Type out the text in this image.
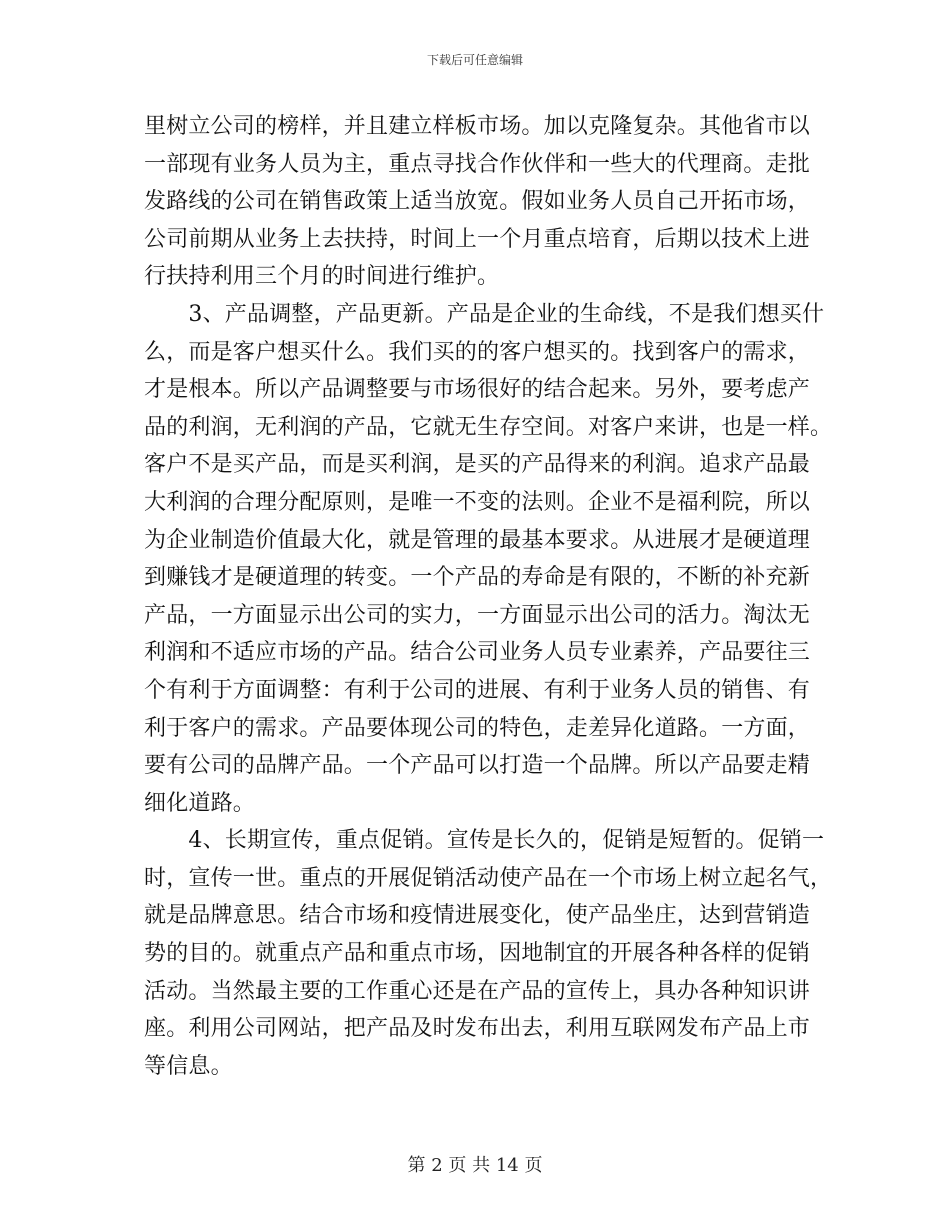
下载后可任意编辑
里树立公司的榜样，并且建立样板市场。加以克隆复杂。其他省市以
一部现有业务人员为主，重点寻找合作伙伴和一些大的代理商。走批
发路线的公司在销售政策上适当放宽。假如业务人员自己开拓市场，
公司前期从业务上去扶持，时间上一个月重点培育，后期以技术上进
行扶持利用三个月的时间进行维护。
　　3、产品调整，产品更新。产品是企业的生命线，不是我们想买什
么，而是客户想买什么。我们买的的客户想买的。找到客户的需求，
才是根本。所以产品调整要与市场很好的结合起来。另外，要考虑产
品的利润，无利润的产品，它就无生存空间。对客户来讲，也是一样。
客户不是买产品，而是买利润，是买的产品得来的利润。追求产品最
大利润的合理分配原则，是唯一不变的法则。企业不是福利院，所以
为企业制造价值最大化，就是管理的最基本要求。从进展才是硬道理
到赚钱才是硬道理的转变。一个产品的寿命是有限的，不断的补充新
产品，一方面显示出公司的实力，一方面显示出公司的活力。淘汰无
利润和不适应市场的产品。结合公司业务人员专业素养，产品要往三
个有利于方面调整：有利于公司的进展、有利于业务人员的销售、有
利于客户的需求。产品要体现公司的特色，走差异化道路。一方面，
要有公司的品牌产品。一个产品可以打造一个品牌。所以产品要走精
细化道路。
　　4、长期宣传，重点促销。宣传是长久的，促销是短暂的。促销一
时，宣传一世。重点的开展促销活动使产品在一个市场上树立起名气，
就是品牌意思。结合市场和疫情进展变化，使产品坐庄，达到营销造
势的目的。就重点产品和重点市场，因地制宜的开展各种各样的促销
活动。当然最主要的工作重心还是在产品的宣传上，具办各种知识讲
座。利用公司网站，把产品及时发布出去，利用互联网发布产品上市
等信息。
第 2 页 共 14 页
